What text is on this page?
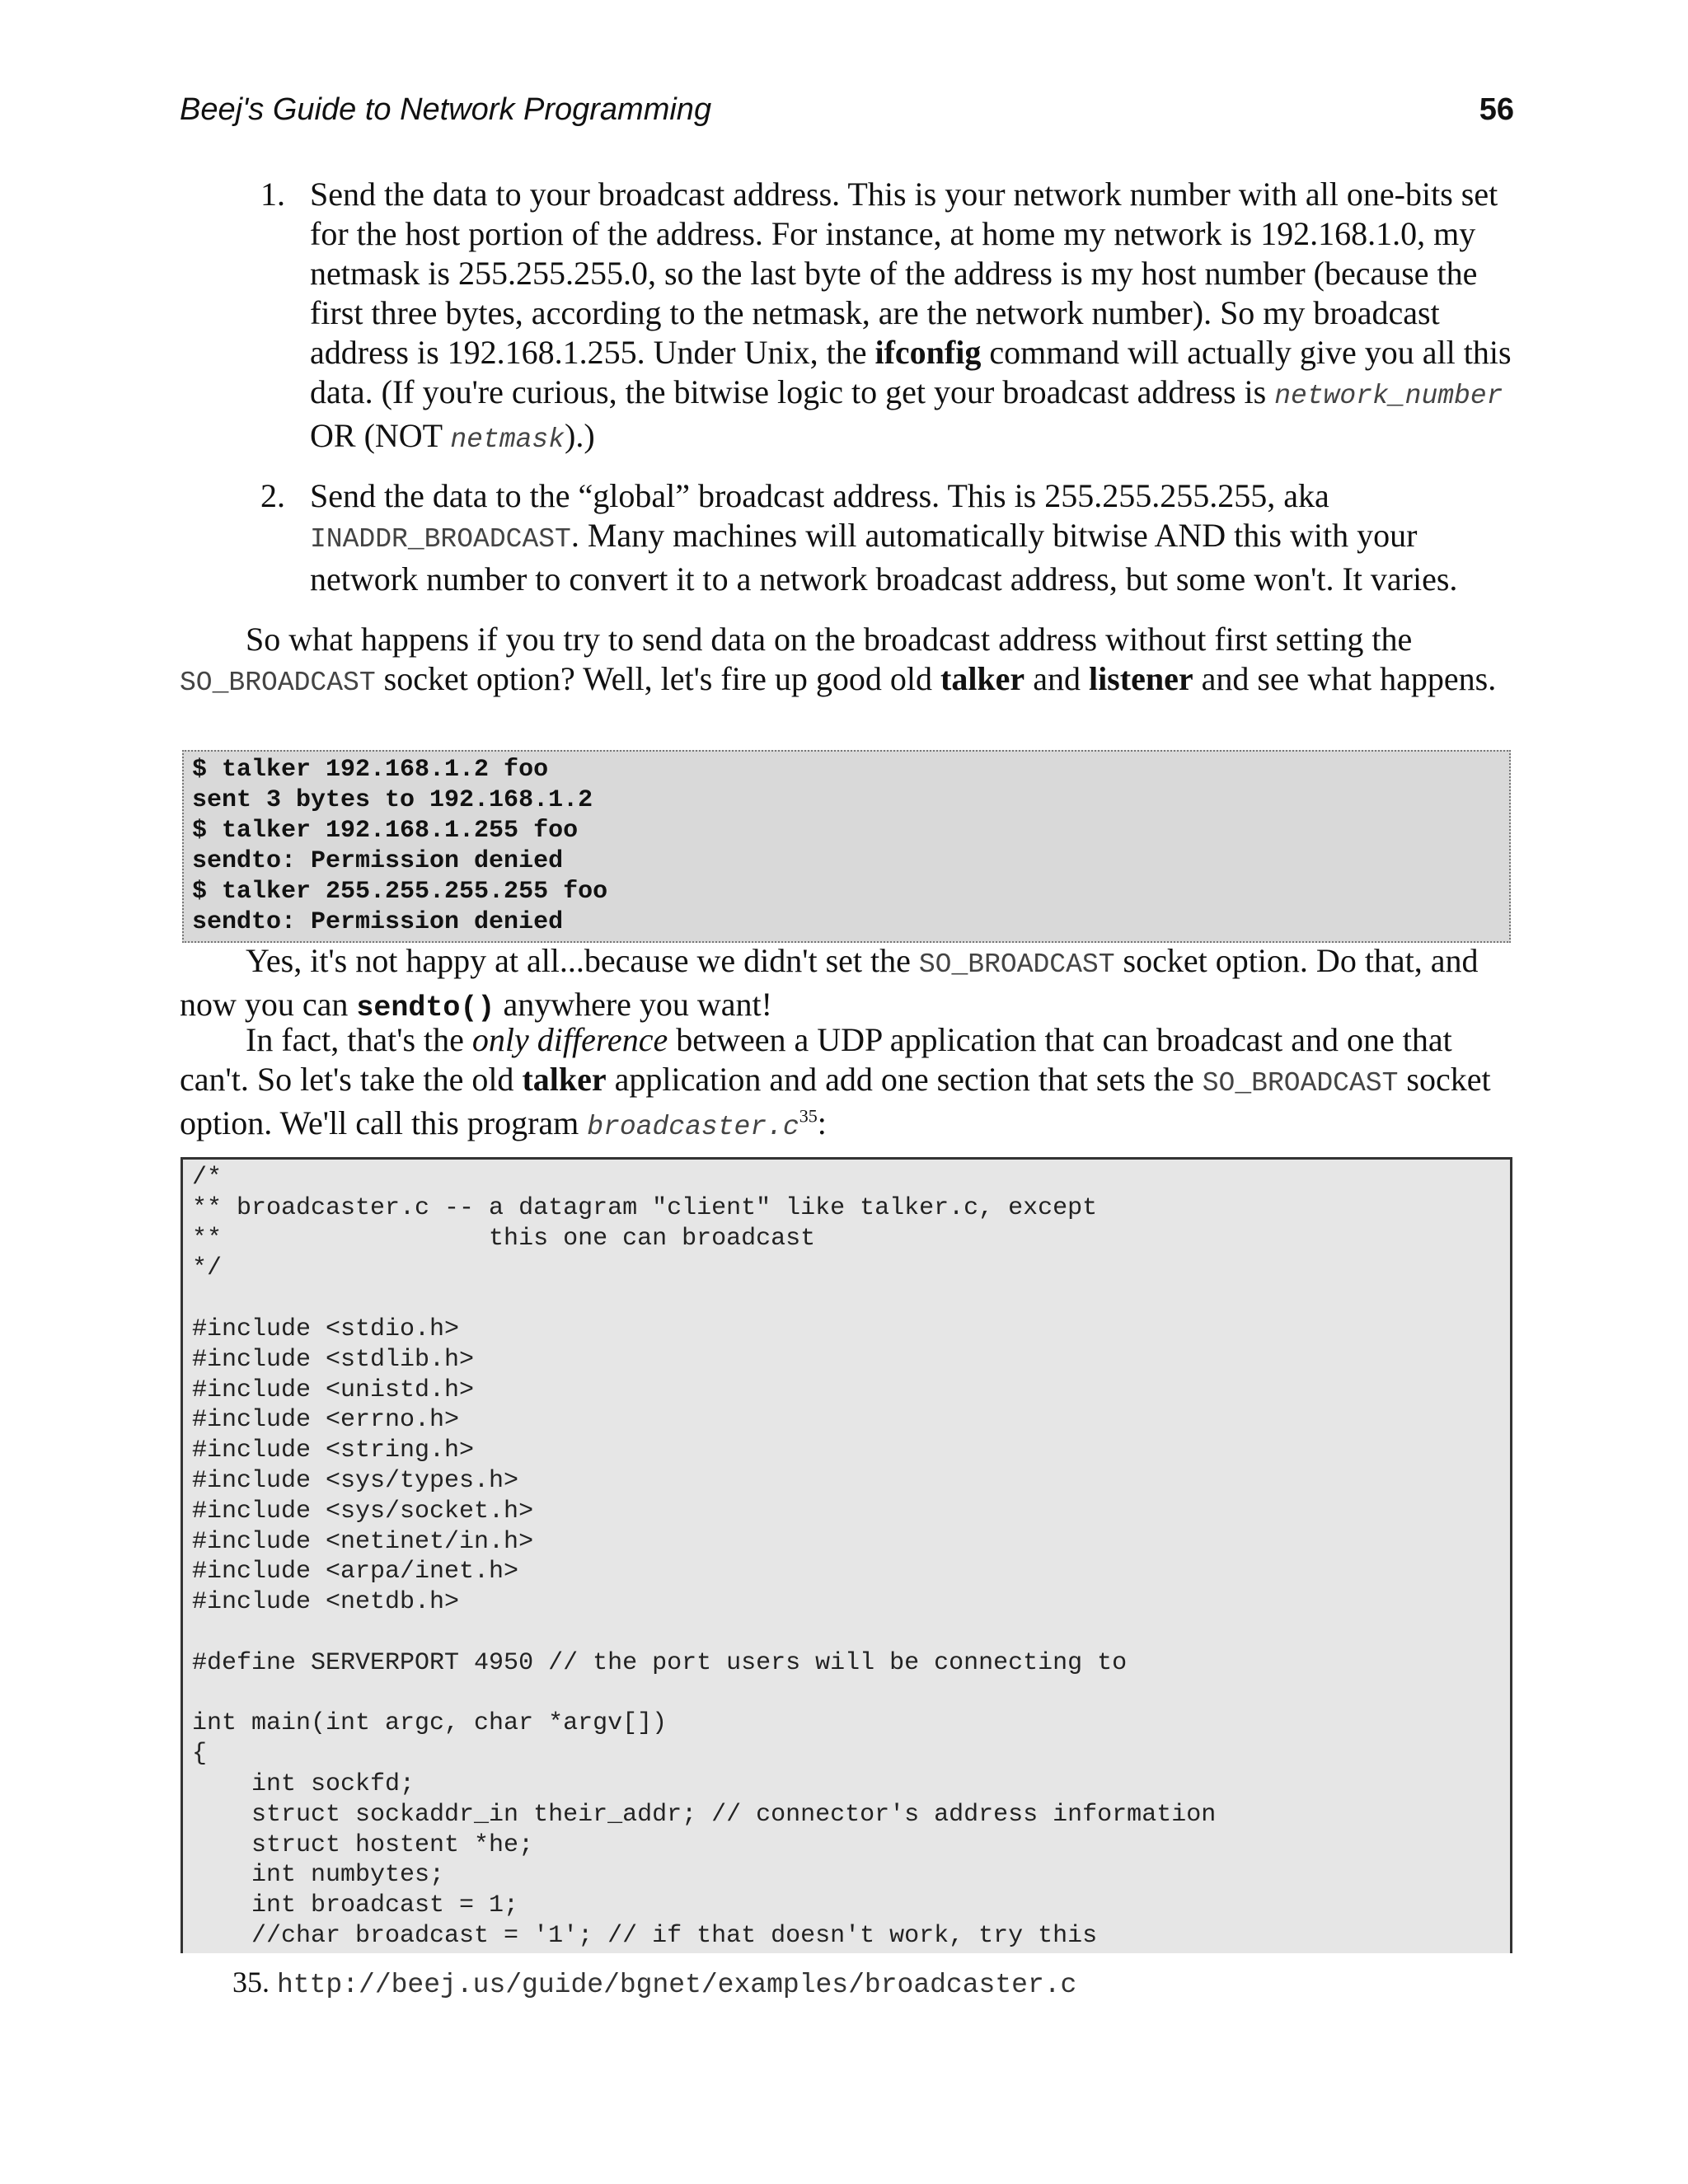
Beej's Guide to Network Programming	56
1. Send the data to your broadcast address. This is your network number with all one-bits set for the host portion of the address. For instance, at home my network is 192.168.1.0, my netmask is 255.255.255.0, so the last byte of the address is my host number (because the first three bytes, according to the netmask, are the network number). So my broadcast address is 192.168.1.255. Under Unix, the ifconfig command will actually give you all this data. (If you're curious, the bitwise logic to get your broadcast address is network_number OR (NOT netmask).)
2. Send the data to the “global” broadcast address. This is 255.255.255.255, aka INADDR_BROADCAST. Many machines will automatically bitwise AND this with your network number to convert it to a network broadcast address, but some won't. It varies.

So what happens if you try to send data on the broadcast address without first setting the SO_BROADCAST socket option? Well, let's fire up good old talker and listener and see what happens.

$ talker 192.168.1.2 foo
sent 3 bytes to 192.168.1.2
$ talker 192.168.1.255 foo
sendto: Permission denied
$ talker 255.255.255.255 foo
sendto: Permission denied

Yes, it's not happy at all...because we didn't set the SO_BROADCAST socket option. Do that, and now you can sendto() anywhere you want!

In fact, that's the only difference between a UDP application that can broadcast and one that can't. So let's take the old talker application and add one section that sets the SO_BROADCAST socket option. We'll call this program $broadcaster.c^{35}$:

/*
** broadcaster.c -- a datagram "client" like talker.c, except
**                  this one can broadcast
*/
#include <stdio.h>
#include <stdlib.h>
#include <unistd.h>
#include <errno.h>
#include <string.h>
#include <sys/types.h>
#include <sys/socket.h>
#include <netinet/in.h>
#include <arpa/inet.h>
#include <netdb.h>
#define SERVERPORT 4950 // the port users will be connecting to
int main(int argc, char *argv[])
{
int sockfd;
struct sockaddr_in their_addr; // connector's address information
struct hostent *he;
int numbytes;
int broadcast = 1;
//char broadcast = '1'; // if that doesn't work, try this
35. http://beej.us/guide/bgnet/examples/broadcaster.c
